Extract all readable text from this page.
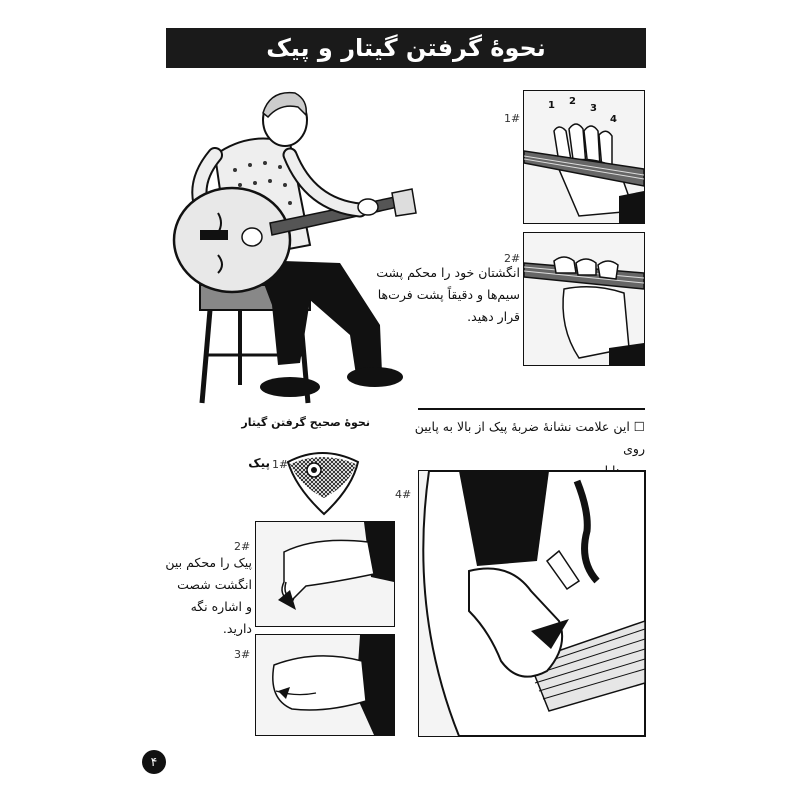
نحوهٔ گرفتن گیتار و پیک
نحوهٔ صحیح گرفتن گیتار
1#
1 2
3
4
2#
انگشتان خود را محکم پشت
سیم‌ها و دقیقاً پشت فرت‌ها
قرار دهید.
☐ این علامت نشانهٔ ضربهٔ پیک از بالا به پایین روی
پیک 1#
2#
پیک را محکم بین
انگشت شصت
و اشاره نگه دارید.
3#
4#
۴
